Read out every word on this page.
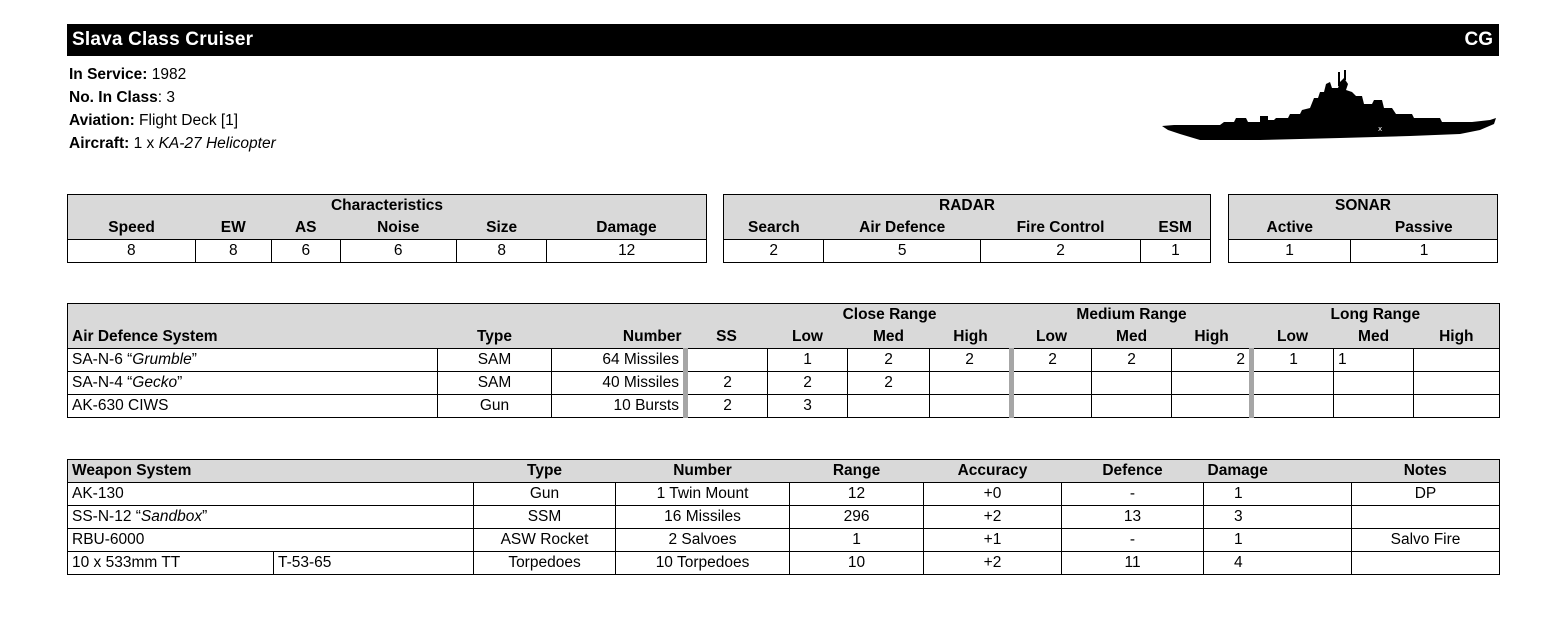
Slava Class Cruiser	CG
In Service: 1982
No. In Class: 3
Aviation: Flight Deck [1]
Aircraft: 1 x KA-27 Helicopter
x
Characteristics					
Speed	EW	AS	Noise	Size	Damage
8	8	6	6	8	12
RADAR			
Search	Air Defence	Fire Control	ESM
2	5	2	1
SONAR	
Active	Passive
1	1
				Close Range			Medium Range			Long Range		
Air Defence System	Type	Number	SS	Low	Med	High	Low	Med	High	Low	Med	High
SA-N-6 “Grumble”	SAM	64 Missiles		1	2	2	2	2	2	1	1	
SA-N-4 “Gecko”	SAM	40 Missiles	2	2	2							
AK-630 CIWS	Gun	10 Bursts	2	3								
Weapon System		Type	Number	Range	Accuracy	Defence	Damage	Notes
AK-130		Gun	1 Twin Mount	12	+0	-	1	DP
SS-N-12 “Sandbox”		SSM	16 Missiles	296	+2	13	3	
RBU-6000		ASW Rocket	2 Salvoes	1	+1	-	1	Salvo Fire
10 x 533mm TT	T-53-65	Torpedoes	10 Torpedoes	10	+2	11	4	
